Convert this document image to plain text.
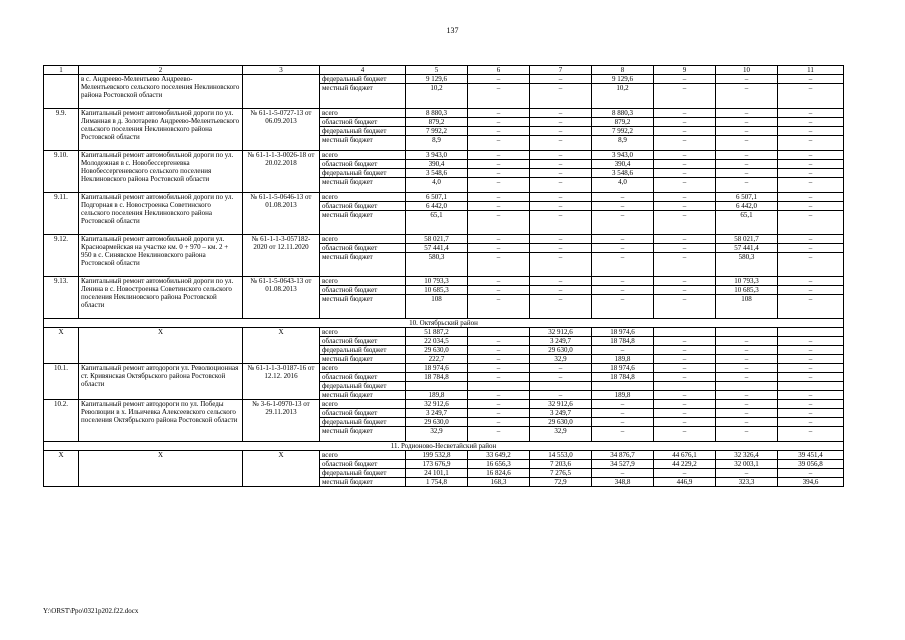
137
1	2	3	4	5	6	7	8	9	10	11
	в с. Андреево-Мелентьево Андреево-Мелентьевского сельского поселения Неклиновского района Ростовской области		федеральный бюджет	9 129,6	–	–	9 129,6	–	–	–
			местный бюджет	10,2	–	–	10,2	–	–	–
9.9.	Капитальный ремонт автомобильной дороги по ул. Лиманная в д. Золотарево Андреево-Мелентьевского сельского поселения Неклиновского района Ростовской области	№ 61-1-5-0727-13 от 06.09.2013	всего	8 880,3	–	–	8 880,3	–	–	–
			областной бюджет	879,2	–	–	879,2	–	–	–
			федеральный бюджет	7 992,2	–	–	7 992,2	–	–	–
			местный бюджет	8,9	–	–	8,9	–	–	–
9.10.	Капитальный ремонт автомобильной дороги по ул. Молодежная в с. Новобессергеневка Новобессергеневского сельского поселения Неклиновского района Ростовской области	№ 61-1-1-3-0026-18 от 20.02.2018	всего	3 943,0	–	–	3 943,0	–	–	–
			областной бюджет	390,4	–	–	390,4	–	–	–
			федеральный бюджет	3 548,6	–	–	3 548,6	–	–	–
			местный бюджет	4,0	–	–	4,0	–	–	–
9.11.	Капитальный ремонт автомобильной дороги по ул. Подгорная в с. Новостроенка Советинского сельского поселения Неклиновского района Ростовской области	№ 61-1-5-0646-13 от 01.08.2013	всего	6 507,1	–	–	–	–	6 507,1	–
			областной бюджет	6 442,0	–	–	–	–	6 442,0	–
			местный бюджет	65,1	–	–	–	–	65,1	–
9.12.	Капитальный ремонт автомобильной дороги ул. Красноармейская на участке км. 0 + 970 – км. 2 + 950 в с. Синявское Неклиновского района Ростовской области	№ 61-1-1-3-057182-2020 от 12.11.2020	всего	58 021,7	–	–	–	–	58 021,7	–
			областной бюджет	57 441,4	–	–	–	–	57 441,4	–
			местный бюджет	580,3	–	–	–	–	580,3	–
9.13.	Капитальный ремонт автомобильной дороги по ул. Ленина в с. Новостроенка Советинского сельского поселения Неклиновского района Ростовской области	№ 61-1-5-0643-13 от 01.08.2013	всего	10 793,3	–	–	–	–	10 793,3	–
			областной бюджет	10 685,3	–	–	–	–	10 685,3	–
			местный бюджет	108	–	–	–	–	108	–
10. Октябрьский район										
X	X	X	всего	51 887,2		32 912,6	18 974,6			
			областной бюджет	22 034,5	–	3 249,7	18 784,8	–	–	–
			федеральный бюджет	29 630,0	–	29 630,0	–	–	–	–
			местный бюджет	222,7	–	32,9	189,8	–	–	–
10.1.	Капитальный ремонт автодороги ул. Революционная ст. Кривянская Октябрьского района Ростовской области	№ 61-1-1-3-0187-16 от 12.12. 2016	всего	18 974,6	–	–	18 974,6	–	–	–
			областной бюджет	18 784,8	–	–	18 784,8	–	–	–
			федеральный бюджет							
			местный бюджет	189,8	–	–	189,8	–	–	–
10.2.	Капитальный ремонт автодороги по ул. Победы Революции в х. Ильичевка Алексеевского сельского поселения Октябрьского района Ростовской области	№ 3-6-1-0970-13 от 29.11.2013	всего	32 912,6	–	32 912,6	–	–	–	–
			областной бюджет	3 249,7	–	3 249,7	–	–	–	–
			федеральный бюджет	29 630,0	–	29 630,0	–	–	–	–
			местный бюджет	32,9	–	32,9	–	–	–	–
11. Родионово-Несветайский район										
X	X	X	всего	199 532,8	33 649,2	14 553,0	34 876,7	44 676,1	32 326,4	39 451,4
			областной бюджет	173 676,9	16 656,3	7 203,6	34 527,9	44 229,2	32 003,1	39 056,8
			федеральный бюджет	24 101,1	16 824,6	7 276,5	–	–	–	–
			местный бюджет	1 754,8	168,3	72,9	348,8	446,9	323,3	394,6
Y:\ORST\Ppo\0321p202.f22.docx
